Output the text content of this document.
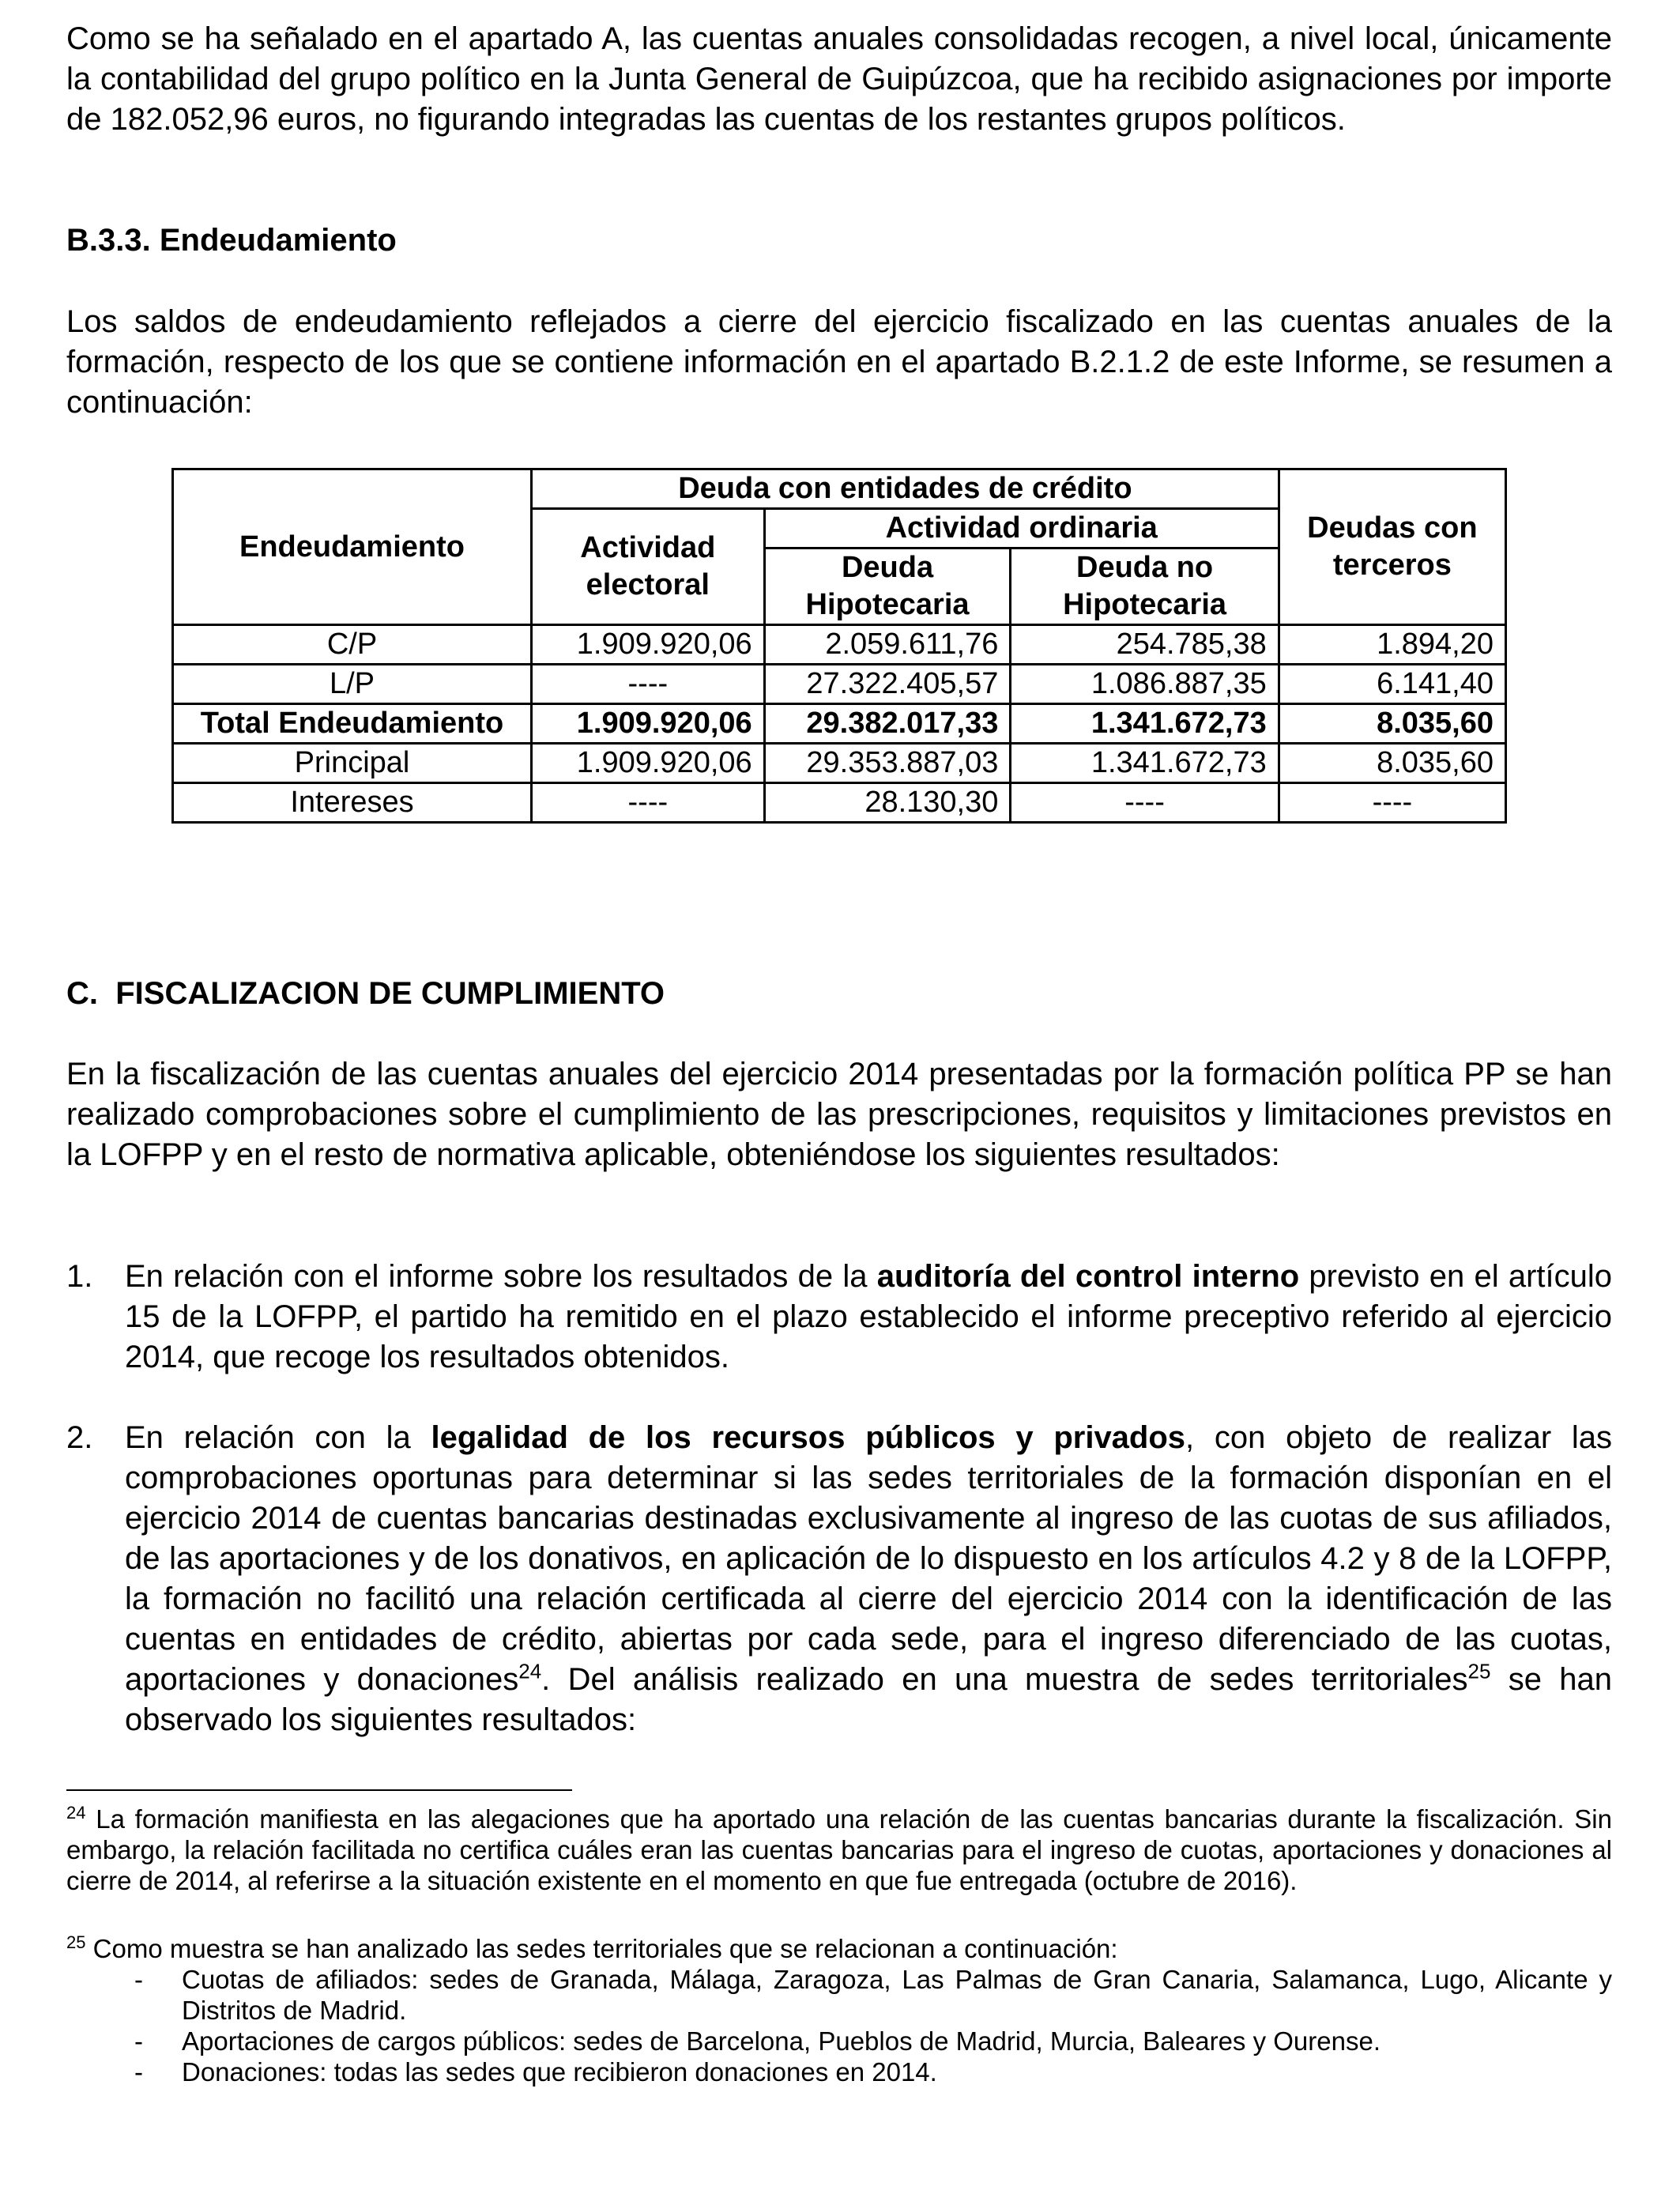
Como se ha señalado en el apartado A, las cuentas anuales consolidadas recogen, a nivel local, únicamente la contabilidad del grupo político en la Junta General de Guipúzcoa, que ha recibido asignaciones por importe de 182.052,96 euros, no figurando integradas las cuentas de los restantes grupos políticos.

B.3.3. Endeudamiento

Los saldos de endeudamiento reflejados a cierre del ejercicio fiscalizado en las cuentas anuales de la formación, respecto de los que se contiene información en el apartado B.2.1.2 de este Informe, se resumen a continuación:

Endeudamiento	Deuda con entidades de crédito			Deudas con terceros
	Actividad electoral	Actividad ordinaria		
		Deuda Hipotecaria	Deuda no Hipotecaria	
C/P	1.909.920,06	2.059.611,76	254.785,38	1.894,20
L/P	----	27.322.405,57	1.086.887,35	6.141,40
Total Endeudamiento	1.909.920,06	29.382.017,33	1.341.672,73	8.035,60
Principal	1.909.920,06	29.353.887,03	1.341.672,73	8.035,60
Intereses	----	28.130,30	----	----
C.  FISCALIZACION DE CUMPLIMIENTO

En la fiscalización de las cuentas anuales del ejercicio 2014 presentadas por la formación política PP se han realizado comprobaciones sobre el cumplimiento de las prescripciones, requisitos y limitaciones previstos en la LOFPP y en el resto de normativa aplicable, obteniéndose los siguientes resultados:

1. En relación con el informe sobre los resultados de la auditoría del control interno previsto en el artículo 15 de la LOFPP, el partido ha remitido en el plazo establecido el informe preceptivo referido al ejercicio 2014, que recoge los resultados obtenidos.
2. En relación con la legalidad de los recursos públicos y privados, con objeto de realizar las comprobaciones oportunas para determinar si las sedes territoriales de la formación disponían en el ejercicio 2014 de cuentas bancarias destinadas exclusivamente al ingreso de las cuotas de sus afiliados, de las aportaciones y de los donativos, en aplicación de lo dispuesto en los artículos 4.2 y 8 de la LOFPP, la formación no facilitó una relación certificada al cierre del ejercicio 2014 con la identificación de las cuentas en entidades de crédito, abiertas por cada sede, para el ingreso diferenciado de las cuotas, aportaciones y donaciones$^{24}$. Del análisis realizado en una muestra de sedes territoriales$^{25}$ se han observado los siguientes resultados:

$^{24}$ La formación manifiesta en las alegaciones que ha aportado una relación de las cuentas bancarias durante la fiscalización. Sin embargo, la relación facilitada no certifica cuáles eran las cuentas bancarias para el ingreso de cuotas, aportaciones y donaciones al cierre de 2014, al referirse a la situación existente en el momento en que fue entregada (octubre de 2016).

$^{25}$ Como muestra se han analizado las sedes territoriales que se relacionan a continuación:

- Cuotas de afiliados: sedes de Granada, Málaga, Zaragoza, Las Palmas de Gran Canaria, Salamanca, Lugo, Alicante y Distritos de Madrid.
- Aportaciones de cargos públicos: sedes de Barcelona, Pueblos de Madrid, Murcia, Baleares y Ourense.
- Donaciones: todas las sedes que recibieron donaciones en 2014.
